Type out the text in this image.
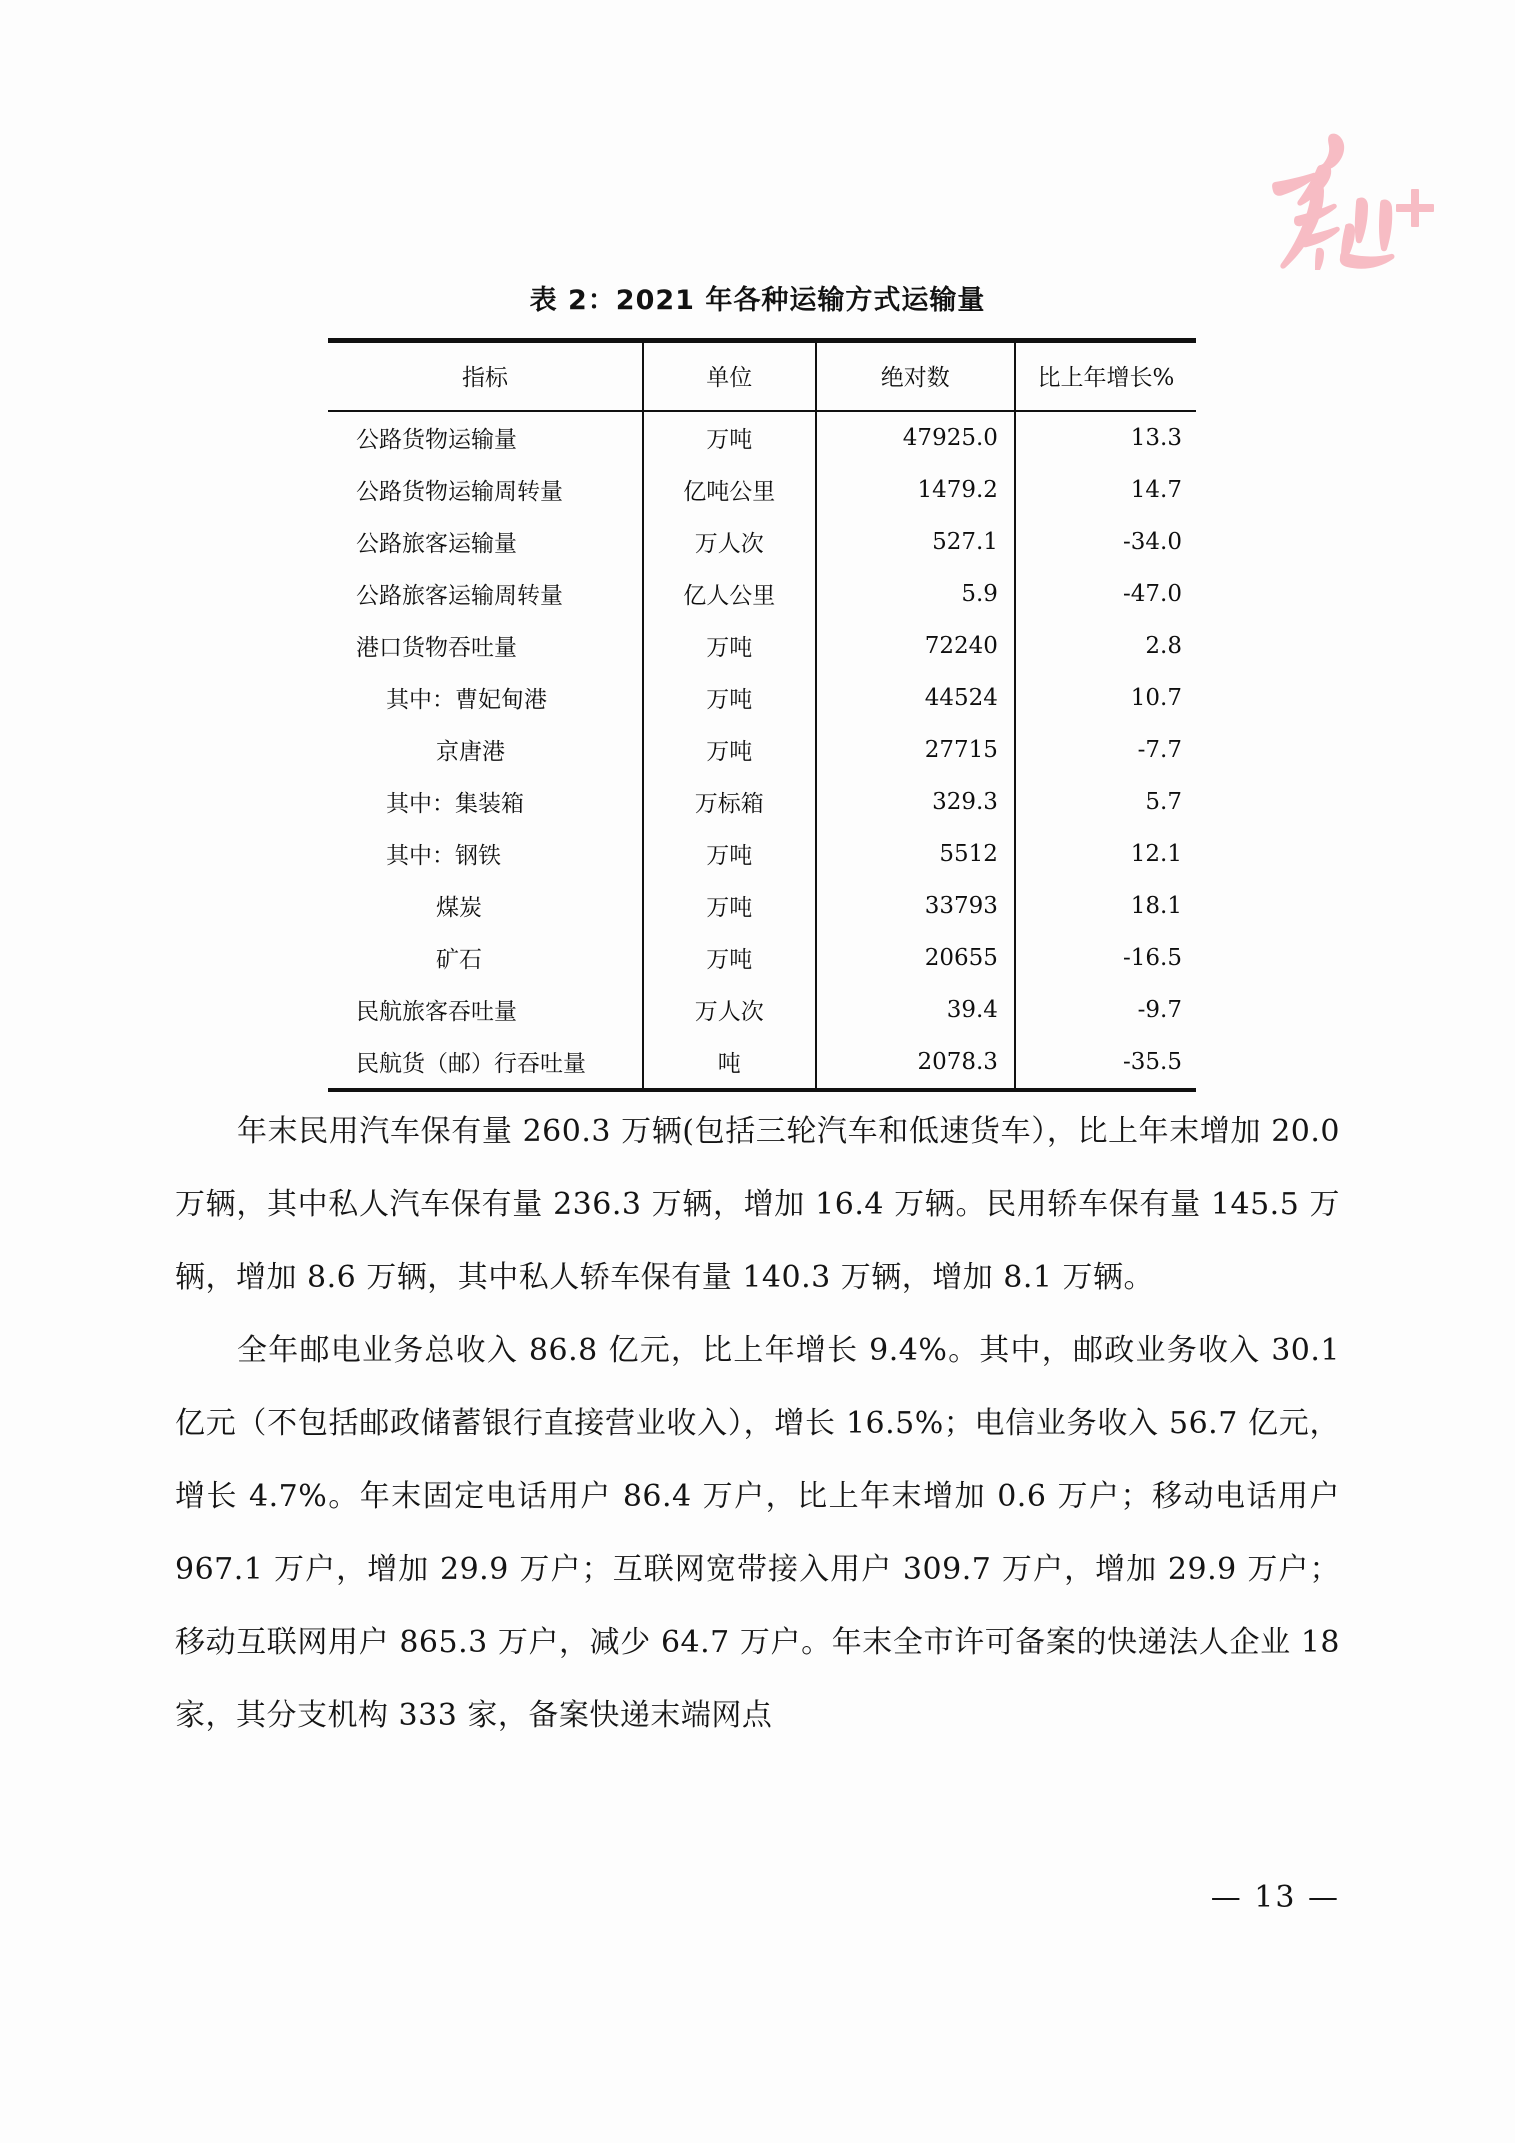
表 2：2021 年各种运输方式运输量
指标	单位	绝对数	比上年增长%
公路货物运输量	万吨	47925.0	13.3
公路货物运输周转量	亿吨公里	1479.2	14.7
公路旅客运输量	万人次	527.1	-34.0
公路旅客运输周转量	亿人公里	5.9	-47.0
港口货物吞吐量	万吨	72240	2.8
其中：曹妃甸港	万吨	44524	10.7
京唐港	万吨	27715	-7.7
其中：集装箱	万标箱	329.3	5.7
其中：钢铁	万吨	5512	12.1
煤炭	万吨	33793	18.1
矿石	万吨	20655	-16.5
民航旅客吞吐量	万人次	39.4	-9.7
民航货（邮）行吞吐量	吨	2078.3	-35.5

年末民用汽车保有量 260.3 万辆(包括三轮汽车和低速货车），比上年末增加 20.0 万辆，其中私人汽车保有量 236.3 万辆，增加 16.4 万辆。民用轿车保有量 145.5 万辆，增加 8.6 万辆，其中私人轿车保有量 140.3 万辆，增加 8.1 万辆。

全年邮电业务总收入 86.8 亿元，比上年增长 9.4%。其中，邮政业务收入 30.1 亿元（不包括邮政储蓄银行直接营业收入），增长 16.5%；电信业务收入 56.7 亿元，增长 4.7%。年末固定电话用户 86.4 万户，比上年末增加 0.6 万户；移动电话用户 967.1 万户，增加 29.9 万户；互联网宽带接入用户 309.7 万户，增加 29.9 万户；移动互联网用户 865.3 万户，减少 64.7 万户。年末全市许可备案的快递法人企业 18 家，其分支机构 333 家，备案快递末端网点

— 13 —
